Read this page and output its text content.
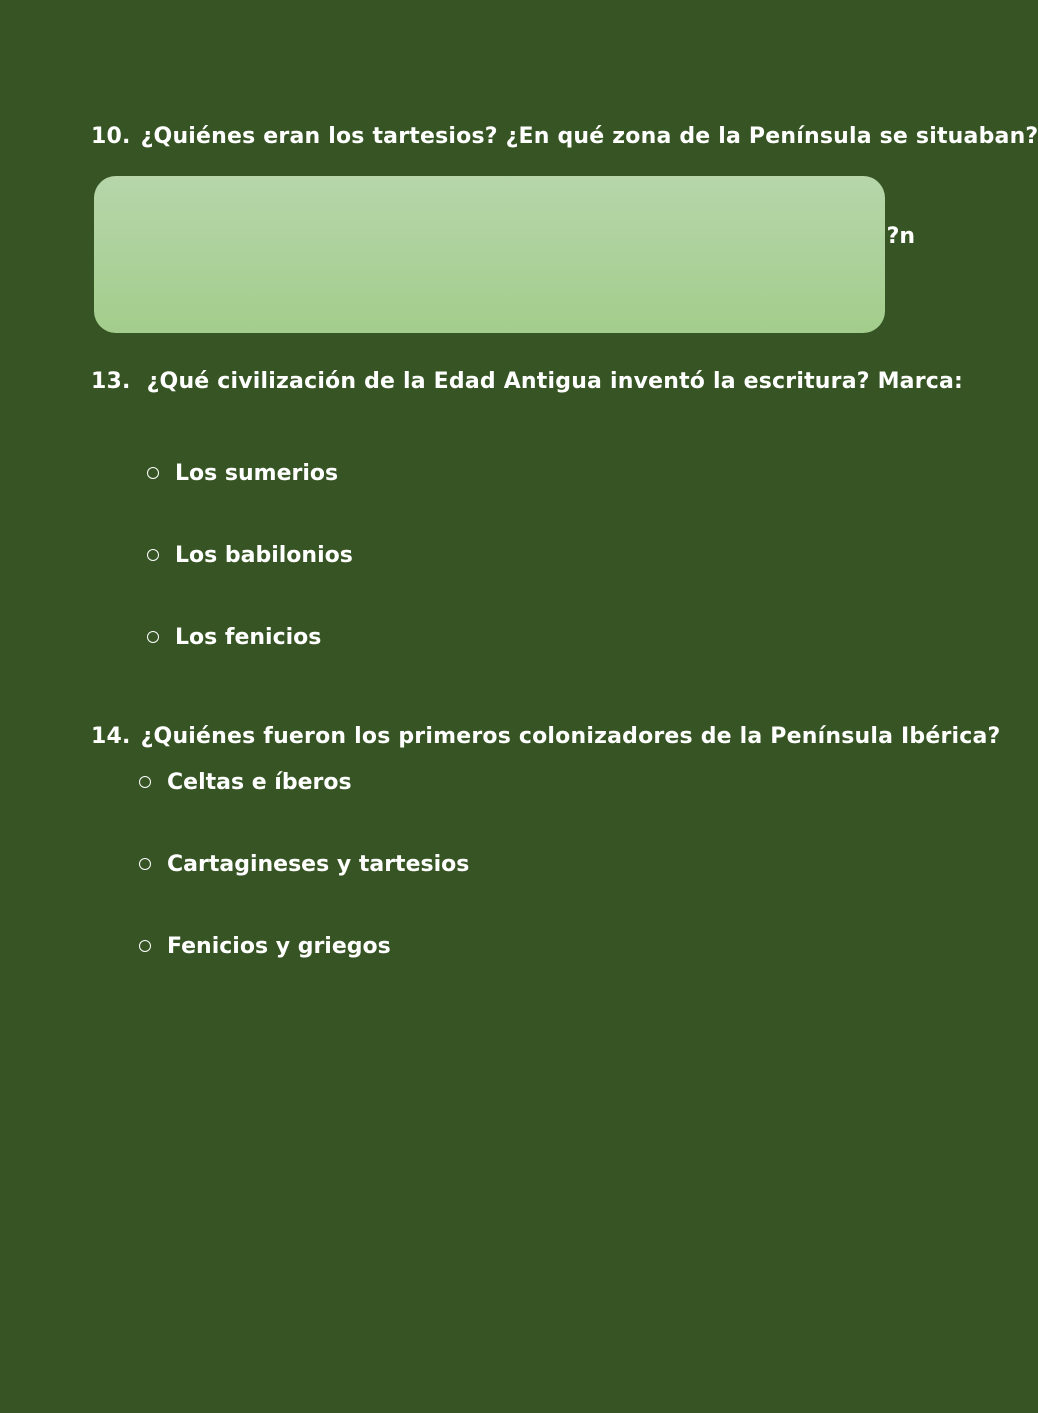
10. ¿Quiénes eran los tartesios? ¿En qué zona de la Península se situaban?
n?
13. ¿Qué civilización de la Edad Antigua inventó la escritura? Marca:
Los sumerios
Los babilonios
Los fenicios
14. ¿Quiénes fueron los primeros colonizadores de la Península Ibérica?
Celtas e íberos
Cartagineses y tartesios
Fenicios y griegos
